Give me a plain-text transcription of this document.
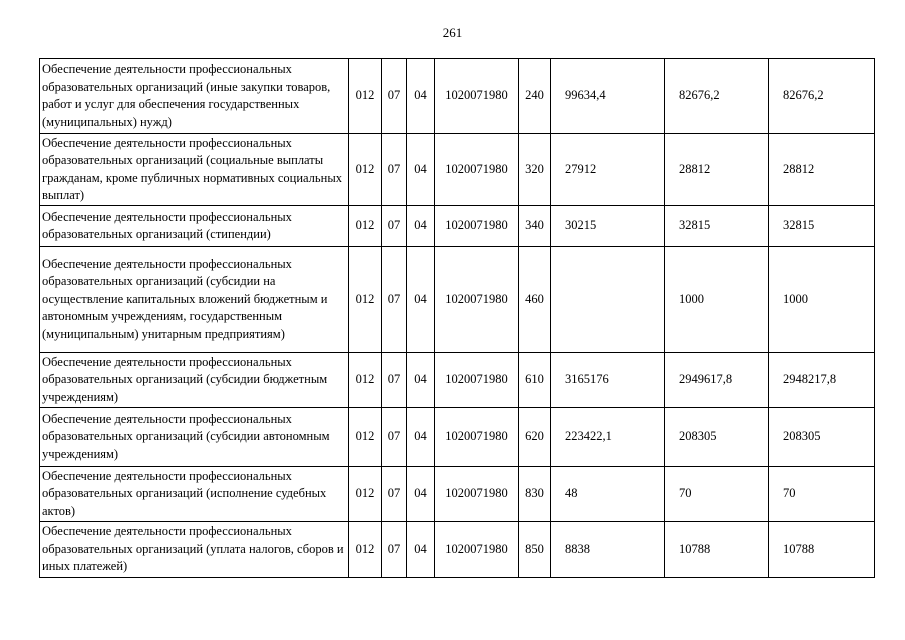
261
Обеспечение деятельности профессиональных образовательных организаций (иные закупки товаров, работ и услуг для обеспечения государственных (муниципальных) нужд)	012	07	04	1020071980	240	99634,4	82676,2	82676,2
Обеспечение деятельности профессиональных образовательных организаций (социальные выплаты гражданам, кроме публичных нормативных социальных выплат)	012	07	04	1020071980	320	27912	28812	28812
Обеспечение деятельности профессиональных образовательных организаций (стипендии)	012	07	04	1020071980	340	30215	32815	32815
Обеспечение деятельности профессиональных образовательных организаций (субсидии на осуществление капитальных вложений бюджетным и автономным учреждениям, государственным (муниципальным) унитарным предприятиям)	012	07	04	1020071980	460		1000	1000
Обеспечение деятельности профессиональных образовательных организаций (субсидии бюджетным учреждениям)	012	07	04	1020071980	610	3165176	2949617,8	2948217,8
Обеспечение деятельности профессиональных образовательных организаций (субсидии автономным учреждениям)	012	07	04	1020071980	620	223422,1	208305	208305
Обеспечение деятельности профессиональных образовательных организаций (исполнение судебных актов)	012	07	04	1020071980	830	48	70	70
Обеспечение деятельности профессиональных образовательных организаций (уплата налогов, сборов и иных платежей)	012	07	04	1020071980	850	8838	10788	10788
